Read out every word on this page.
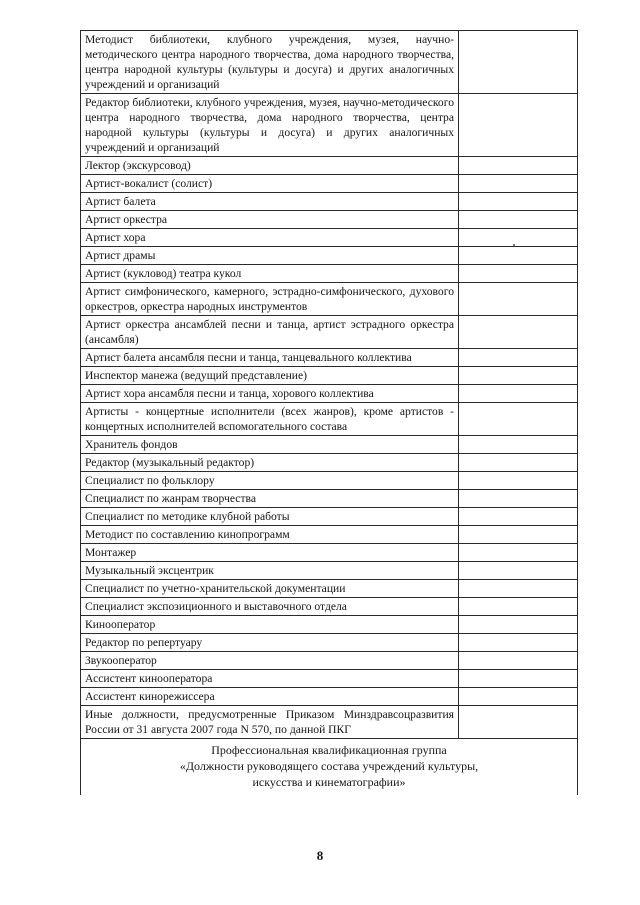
Методист библиотеки, клубного учреждения, музея, научно-методического центра народного творчества, дома народного творчества, центра народной культуры (культуры и досуга) и других аналогичных учреждений и организаций	
Редактор библиотеки, клубного учреждения, музея, научно-методического центра народного творчества, дома народного творчества, центра народной культуры (культуры и досуга) и других аналогичных учреждений и организаций	
Лектор (экскурсовод)	
Артист-вокалист (солист)	
Артист балета	
Артист оркестра	
Артист хора	
Артист драмы	
Артист (кукловод) театра кукол	
Артист симфонического, камерного, эстрадно-симфонического, духового оркестров, оркестра народных инструментов	
Артист оркестра ансамблей песни и танца, артист эстрадного оркестра (ансамбля)	
Артист балета ансамбля песни и танца, танцевального коллектива	
Инспектор манежа (ведущий представление)	
Артист хора ансамбля песни и танца, хорового коллектива	
Артисты - концертные исполнители (всех жанров), кроме артистов - концертных исполнителей вспомогательного состава	
Хранитель фондов	
Редактор (музыкальный редактор)	
Специалист по фольклору	
Специалист по жанрам творчества	
Специалист по методике клубной работы	
Методист по составлению кинопрограмм	
Монтажер	
Музыкальный эксцентрик	
Специалист по учетно-хранительской документации	
Специалист экспозиционного и выставочного отдела	
Кинооператор	
Редактор по репертуару	
Звукооператор	
Ассистент кинооператора	
Ассистент кинорежиссера	
Иные должности, предусмотренные Приказом Минздравсоцразвития России от 31 августа 2007 года N 570, по данной ПКГ	

Профессиональная квалификационная группа
«Должности руководящего состава учреждений культуры,
искусства и кинематографии»	
8
